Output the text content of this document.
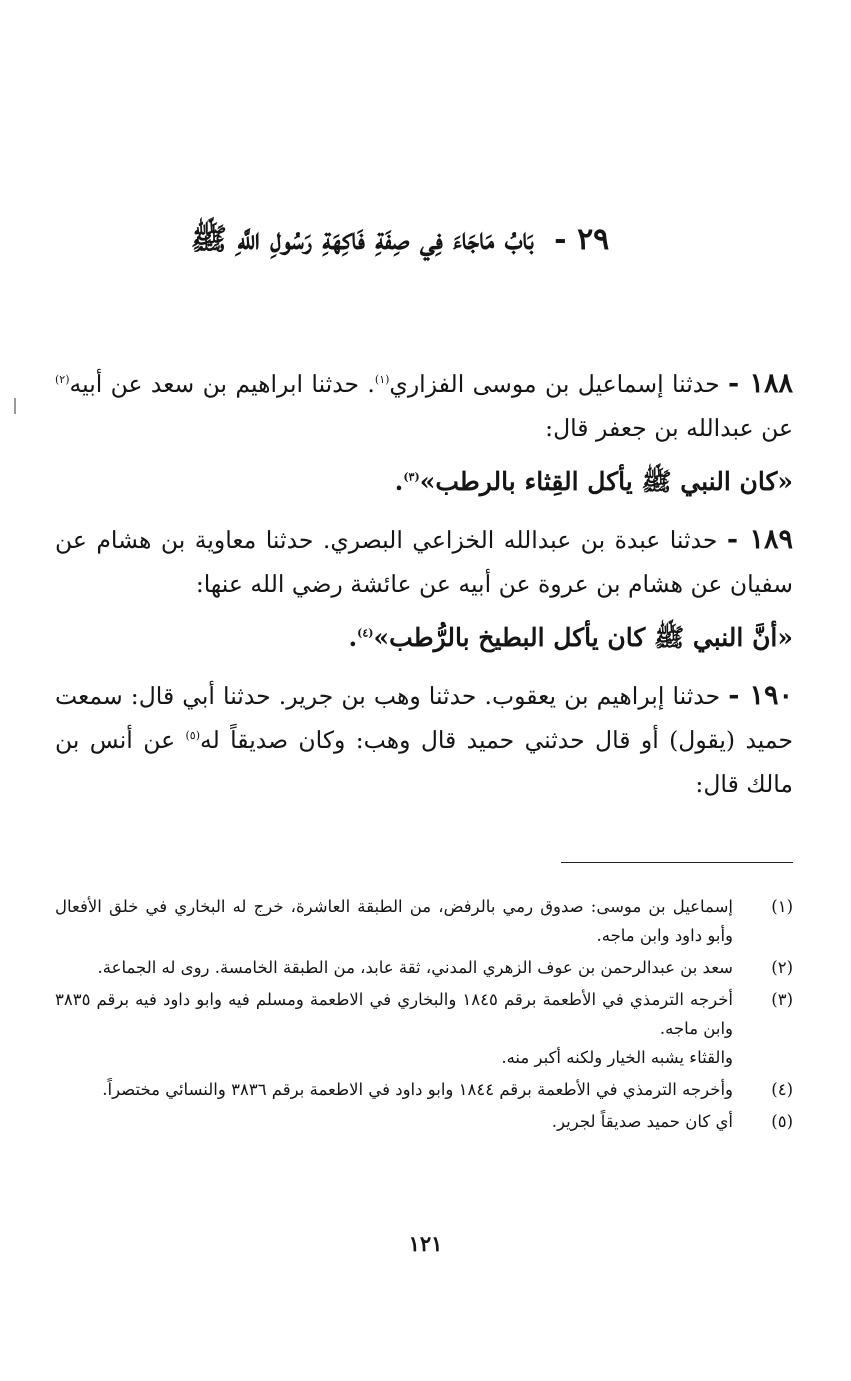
٢٩ - بَابُ مَاجَاءَ فِي صِفَةِ فَاكِهَةِ رَسُولِ اللَّهِ ﷺ

١٨٨ - حدثنا إسماعيل بن موسى الفزاري$^{(١)}$. حدثنا ابراهيم بن سعد عن أبيه$^{(٢)}$ عن عبدالله بن جعفر قال:

«كان النبي ﷺ يأكل القِثاء بالرطب»$^{(٣)}$.

١٨٩ - حدثنا عبدة بن عبدالله الخزاعي البصري. حدثنا معاوية بن هشام عن سفيان عن هشام بن عروة عن أبيه عن عائشة رضي الله عنها:

«أنَّ النبي ﷺ كان يأكل البطيخ بالرُّطب»$^{(٤)}$.

١٩٠ - حدثنا إبراهيم بن يعقوب. حدثنا وهب بن جرير. حدثنا أبي قال: سمعت حميد (يقول) أو قال حدثني حميد قال وهب: وكان صديقاً له$^{(٥)}$ عن أنس بن مالك قال:

(١)
إسماعيل بن موسى: صدوق رمي بالرفض، من الطبقة العاشرة، خرج له البخاري في خلق الأفعال وأبو داود وابن ماجه.
(٢)
سعد بن عبدالرحمن بن عوف الزهري المدني، ثقة عابد، من الطبقة الخامسة. روى له الجماعة.
(٣)
أخرجه الترمذي في الأطعمة برقم ١٨٤٥ والبخاري في الاطعمة ومسلم فيه وابو داود فيه برقم ٣٨٣٥ وابن ماجه.
والقثاء يشبه الخيار ولكنه أكبر منه.
(٤)
وأخرجه الترمذي في الأطعمة برقم ١٨٤٤ وابو داود في الاطعمة برقم ٣٨٣٦ والنسائي مختصراً.
(٥)
أي كان حميد صديقاً لجرير.
١٢١
